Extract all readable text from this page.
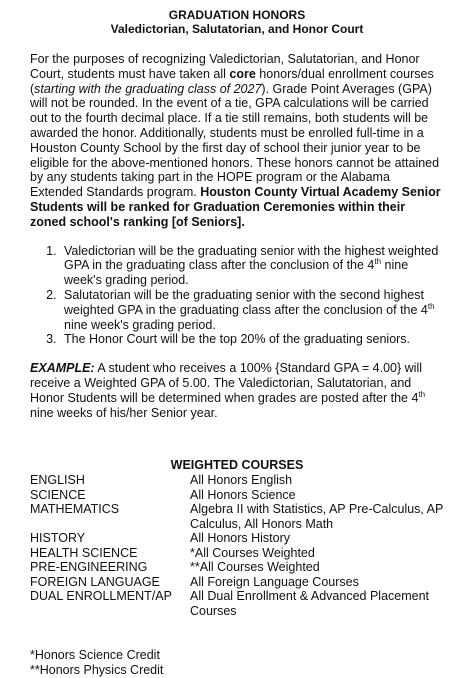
GRADUATION HONORS
Valedictorian, Salutatorian, and Honor Court

For the purposes of recognizing Valedictorian, Salutatorian, and Honor Court, students must have taken all core honors/dual enrollment courses (starting with the graduating class of 2027). Grade Point Averages (GPA) will not be rounded. In the event of a tie, GPA calculations will be carried out to the fourth decimal place. If a tie still remains, both students will be awarded the honor. Additionally, students must be enrolled full-time in a Houston County School by the first day of school their junior year to be eligible for the above-mentioned honors. These honors cannot be attained by any students taking part in the HOPE program or the Alabama Extended Standards program. Houston County Virtual Academy Senior Students will be ranked for Graduation Ceremonies within their zoned school's ranking [of Seniors].

1. Valedictorian will be the graduating senior with the highest weighted GPA in the graduating class after the conclusion of the 4th nine week's grading period.
2. Salutatorian will be the graduating senior with the second highest weighted GPA in the graduating class after the conclusion of the 4th nine week's grading period.
3. The Honor Court will be the top 20% of the graduating seniors.

EXAMPLE: A student who receives a 100% {Standard GPA = 4.00} will receive a Weighted GPA of 5.00. The Valedictorian, Salutatorian, and Honor Students will be determined when grades are posted after the 4th nine weeks of his/her Senior year.

WEIGHTED COURSES
ENGLISH	All Honors English
SCIENCE	All Honors Science
MATHEMATICS	Algebra II with Statistics, AP Pre-Calculus, AP Calculus, All Honors Math
HISTORY	All Honors History
HEALTH SCIENCE	*All Courses Weighted
PRE-ENGINEERING	**All Courses Weighted
FOREIGN LANGUAGE	All Foreign Language Courses
DUAL ENROLLMENT/AP	All Dual Enrollment & Advanced Placement Courses
*Honors Science Credit
**Honors Physics Credit
